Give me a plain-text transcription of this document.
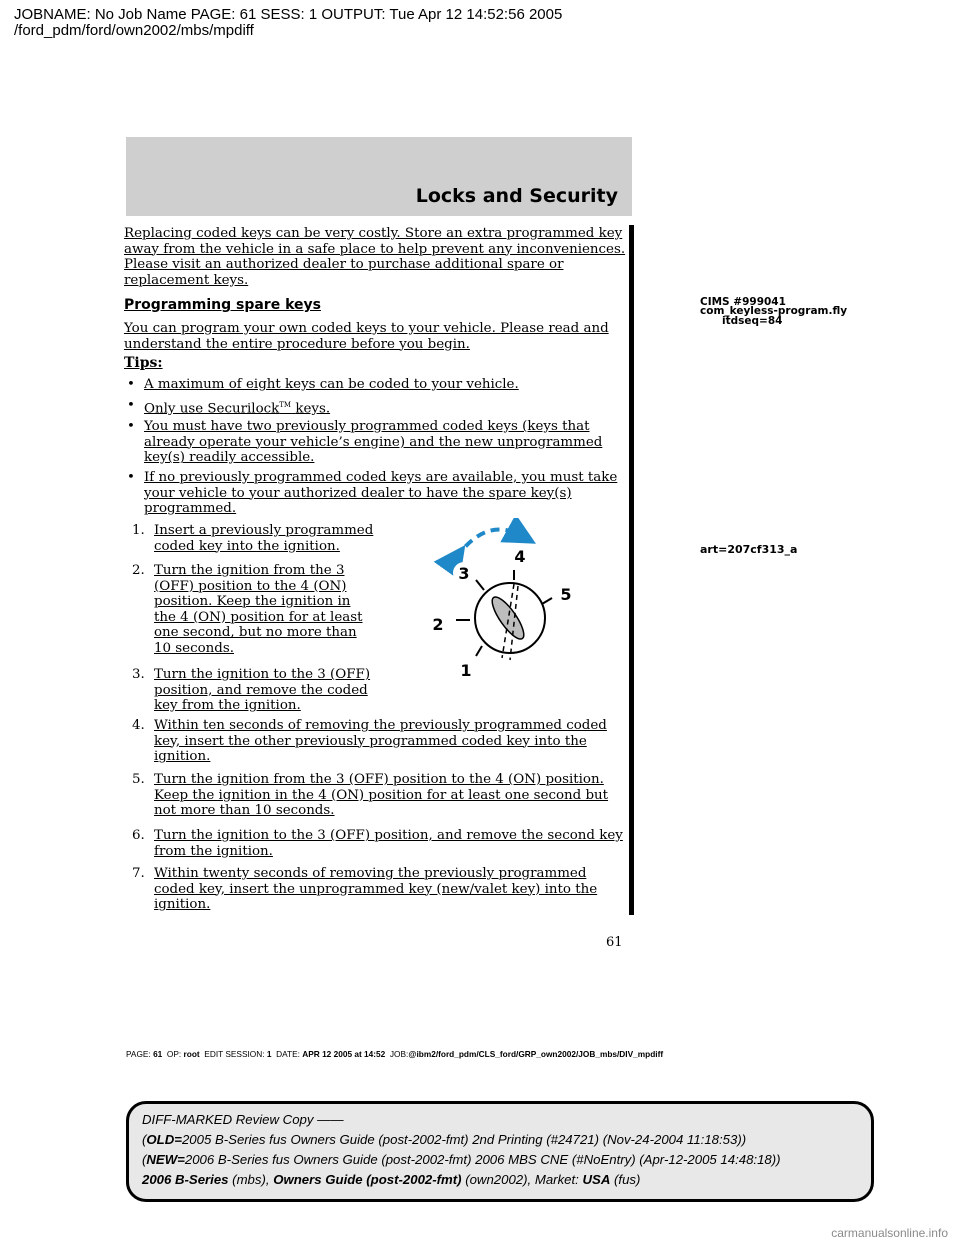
JOBNAME: No Job Name PAGE: 61 SESS: 1 OUTPUT: Tue Apr 12 14:52:56 2005
/ford_pdm/ford/own2002/mbs/mpdiff
Locks and Security
Replacing coded keys can be very costly. Store an extra programmed key away from the vehicle in a safe place to help prevent any inconveniences. Please visit an authorized dealer to purchase additional spare or replacement keys.
Programming spare keys
You can program your own coded keys to your vehicle. Please read and understand the entire procedure before you begin.
Tips:
• A maximum of eight keys can be coded to your vehicle.
• Only use Securilock™ keys.
• You must have two previously programmed coded keys (keys that already operate your vehicle’s engine) and the new unprogrammed key(s) readily accessible.
• If no previously programmed coded keys are available, you must take your vehicle to your authorized dealer to have the spare key(s) programmed.
1. Insert a previously programmed coded key into the ignition.
2. Turn the ignition from the 3 (OFF) position to the 4 (ON) position. Keep the ignition in the 4 (ON) position for at least one second, but no more than 10 seconds.
3. Turn the ignition to the 3 (OFF) position, and remove the coded key from the ignition.
4. Within ten seconds of removing the previously programmed coded key, insert the other previously programmed coded key into the ignition.
5. Turn the ignition from the 3 (OFF) position to the 4 (ON) position. Keep the ignition in the 4 (ON) position for at least one second but not more than 10 seconds.
6. Turn the ignition to the 3 (OFF) position, and remove the second key from the ignition.
7. Within twenty seconds of removing the previously programmed coded key, insert the unprogrammed key (new/valet key) into the ignition.
1
2
3
4
5
CIMS #999041
com_keyless-program.fly
itdseq=84
art=207cf313_a
61
PAGE: 61 OP: root EDIT SESSION: 1 DATE: APR 12 2005 at 14:52 JOB:@ibm2/ford_pdm/CLS_ford/GRP_own2002/JOB_mbs/DIV_mpdiff
DIFF-MARKED Review Copy ——
(OLD=2005 B-Series fus Owners Guide (post-2002-fmt) 2nd Printing (#24721) (Nov-24-2004 11:18:53))
(NEW=2006 B-Series fus Owners Guide (post-2002-fmt) 2006 MBS CNE (#NoEntry) (Apr-12-2005 14:48:18))
2006 B-Series (mbs), Owners Guide (post-2002-fmt) (own2002), Market: USA (fus)
carmanualsonline.info
